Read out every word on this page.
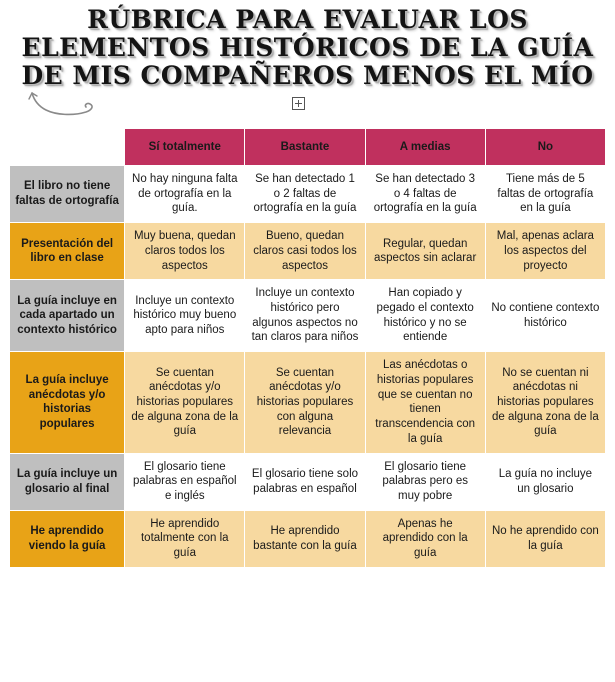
RÚBRICA PARA EVALUAR LOS
ELEMENTOS HISTÓRICOS DE LA GUÍA
DE MIS COMPAÑEROS MENOS EL MÍO
	Sí totalmente	Bastante	A medias	No
El libro no tiene faltas de ortografía	No hay ninguna falta de ortografía en la guía.	Se han detectado 1 o 2 faltas de ortografía en la guía	Se han detectado 3 o 4 faltas de ortografía en la guía	Tiene más de 5 faltas de ortografía en la guía
Presentación del libro en clase	Muy buena, quedan claros todos los aspectos	Bueno, quedan claros casi todos los aspectos	Regular, quedan aspectos sin aclarar	Mal, apenas aclara los aspectos del proyecto
La guía incluye en cada apartado un contexto histórico	Incluye un contexto histórico muy bueno apto para niños	Incluye un contexto histórico pero algunos aspectos no tan claros para niños	Han copiado y pegado el contexto histórico y no se entiende	No contiene contexto histórico
La guía incluye anécdotas y/o historias populares	Se cuentan anécdotas y/o historias populares de alguna zona de la guía	Se cuentan anécdotas y/o historias populares con alguna relevancia	Las anécdotas o historias populares que se cuentan no tienen transcendencia con la guía	No se cuentan ni anécdotas ni historias populares de alguna zona de la guía
La guía incluye un glosario al final	El glosario tiene palabras en español e inglés	El glosario tiene solo palabras en español	El glosario tiene palabras pero es muy pobre	La guía no incluye un glosario
He aprendido viendo la guía	He aprendido totalmente con la guía	He aprendido bastante con la guía	Apenas he aprendido con la guía	No he aprendido con la guía
